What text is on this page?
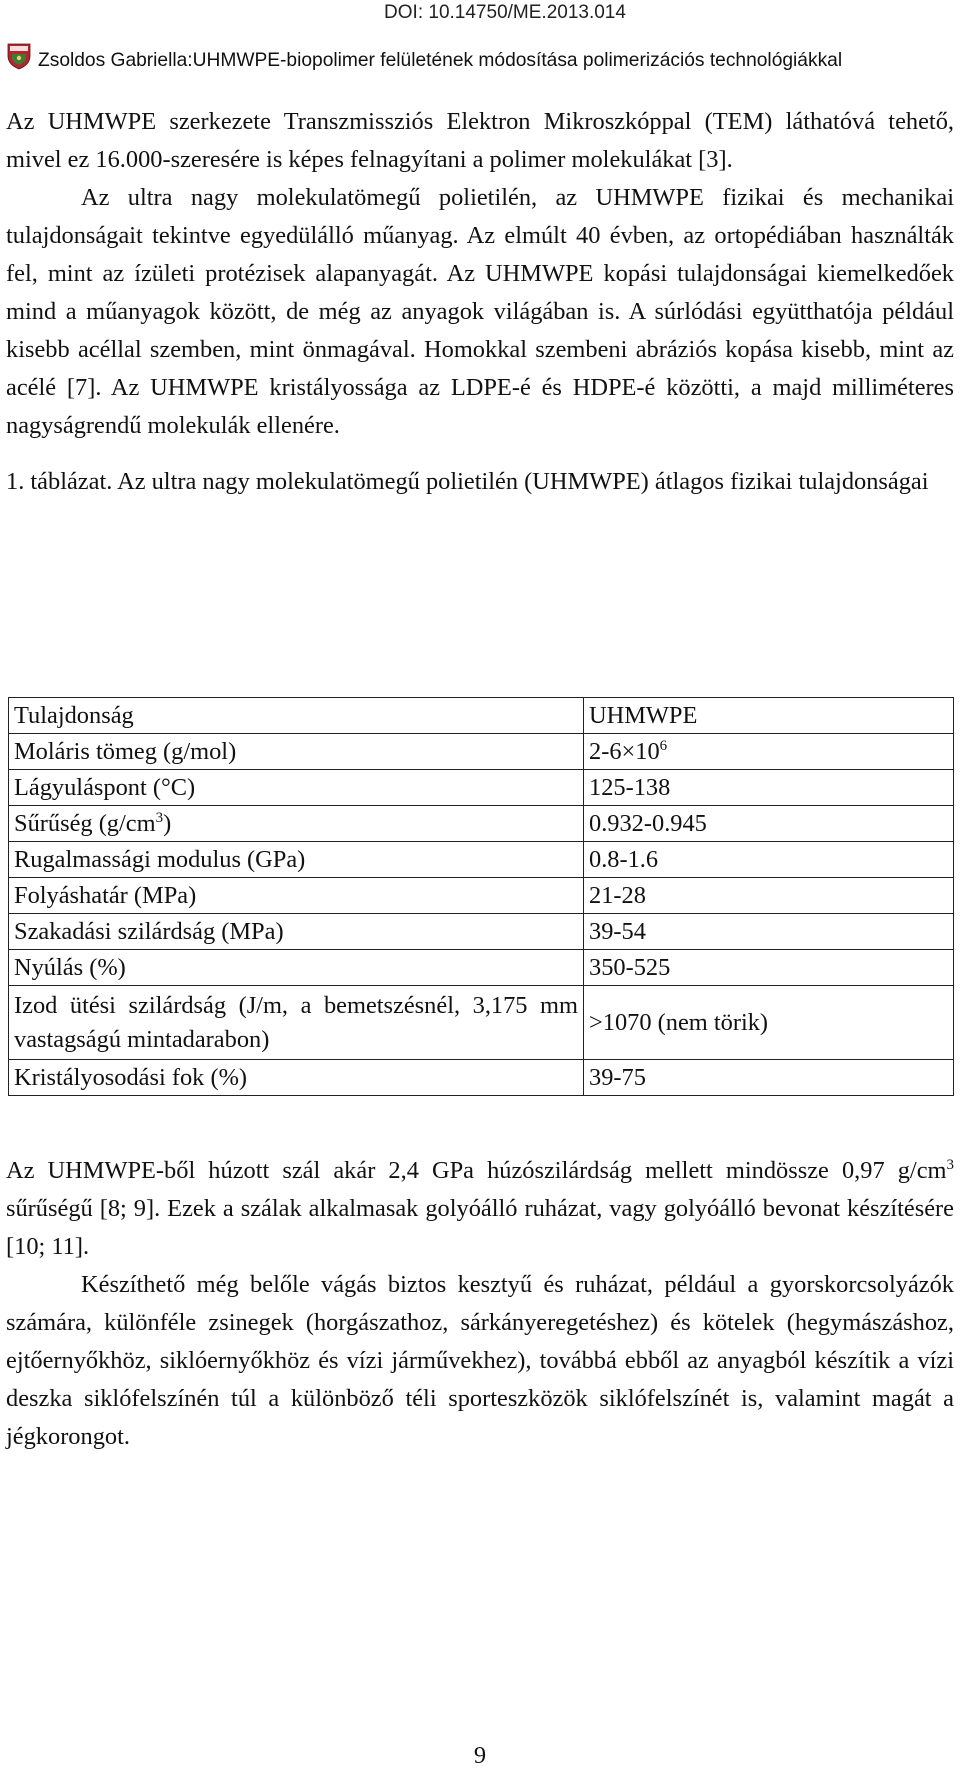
DOI: 10.14750/ME.2013.014
Zsoldos Gabriella:UHMWPE-biopolimer felületének módosítása polimerizációs technológiákkal

Az UHMWPE szerkezete Transzmissziós Elektron Mikroszkóppal (TEM) láthatóvá tehető, mivel ez 16.000-szeresére is képes felnagyítani a polimer molekulákat [3].

Az ultra nagy molekulatömegű polietilén, az UHMWPE fizikai és mechanikai tulajdonságait tekintve egyedülálló műanyag. Az elmúlt 40 évben, az ortopédiában használták fel, mint az ízületi protézisek alapanyagát. Az UHMWPE kopási tulajdonságai kiemelkedőek mind a műanyagok között, de még az anyagok világában is. A súrlódási együtthatója például kisebb acéllal szemben, mint önmagával. Homokkal szembeni abráziós kopása kisebb, mint az acélé [7]. Az UHMWPE kristályossága az LDPE-é és HDPE-é közötti, a majd milliméteres nagyságrendű molekulák ellenére.

1. táblázat. Az ultra nagy molekulatömegű polietilén (UHMWPE) átlagos fizikai tulajdonságai

Tulajdonság	UHMWPE
Moláris tömeg (g/mol)	$2-6\times 10^6$
Lágyuláspont (°C)	125-138
Sűrűség $(g/cm^3)$	0.932-0.945
Rugalmassági modulus (GPa)	0.8-1.6
Folyáshatár (MPa)	21-28
Szakadási szilárdság (MPa)	39-54
Nyúlás (%)	350-525
Izod ütési szilárdság (J/m, a bemetszésnél, 3,175 mm vastagságú mintadarabon)	>1070 (nem törik)
Kristályosodási fok (%)	39-75

Az UHMWPE-ből húzott szál akár 2,4 GPa húzószilárdság mellett mindössze 0,97 $g/cm^3$ sűrűségű [8; 9]. Ezek a szálak alkalmasak golyóálló ruházat, vagy golyóálló bevonat készítésére [10; 11].

Készíthető még belőle vágás biztos kesztyű és ruházat, például a gyorskorcsolyázók számára, különféle zsinegek (horgászathoz, sárkányeregetéshez) és kötelek (hegymászáshoz, ejtőernyőkhöz, siklóernyőkhöz és vízi járművekhez), továbbá ebből az anyagból készítik a vízi deszka siklófelszínén túl a különböző téli sporteszközök siklófelszínét is, valamint magát a jégkorongot.

9
